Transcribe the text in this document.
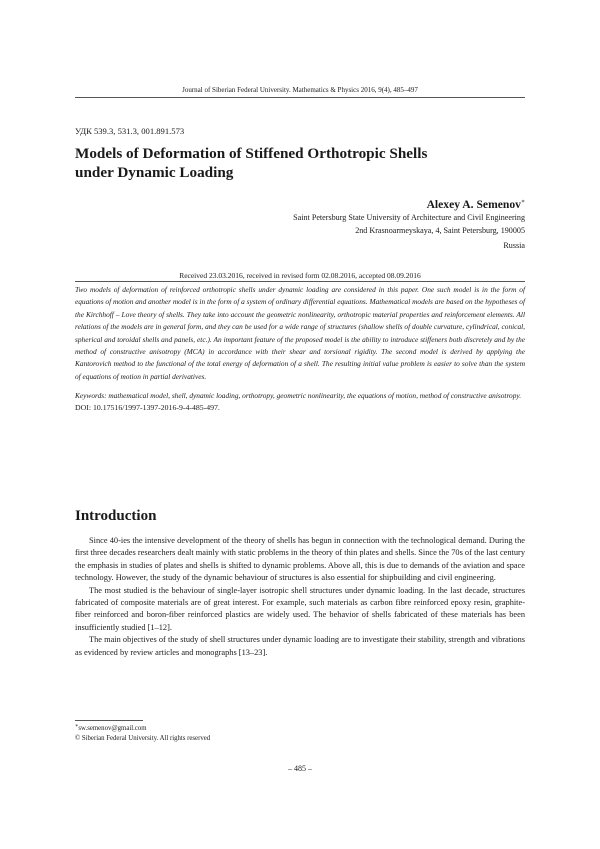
Journal of Siberian Federal University. Mathematics & Physics 2016, 9(4), 485–497
УДК 539.3, 531.3, 001.891.573
Models of Deformation of Stiffened Orthotropic Shells
under Dynamic Loading
Alexey A. Semenov∗
Saint Petersburg State University of Architecture and Civil Engineering
2nd Krasnoarmeyskaya, 4, Saint Petersburg, 190005
Russia
Received 23.03.2016, received in revised form 02.08.2016, accepted 08.09.2016

Two models of deformation of reinforced orthotropic shells under dynamic loading are considered in this paper. One such model is in the form of equations of motion and another model is in the form of a system of ordinary differential equations. Mathematical models are based on the hypotheses of the Kirchhoff – Love theory of shells. They take into account the geometric nonlinearity, orthotropic material properties and reinforcement elements. All relations of the models are in general form, and they can be used for a wide range of structures (shallow shells of double curvature, cylindrical, conical, spherical and toroidal shells and panels, etc.). An important feature of the proposed model is the ability to introduce stiffeners both discretely and by the method of constructive anisotropy (MCA) in accordance with their shear and torsional rigidity. The second model is derived by applying the Kantorovich method to the functional of the total energy of deformation of a shell. The resulting initial value problem is easier to solve than the system of equations of motion in partial derivatives.

Keywords: mathematical model, shell, dynamic loading, orthotropy, geometric nonlinearity, the equations of motion, method of constructive anisotropy.

DOI: 10.17516/1997-1397-2016-9-4-485-497.

Introduction

Since 40-ies the intensive development of the theory of shells has begun in connection with the technological demand. During the first three decades researchers dealt mainly with static problems in the theory of thin plates and shells. Since the 70s of the last century the emphasis in studies of plates and shells is shifted to dynamic problems. Above all, this is due to demands of the aviation and space technology. However, the study of the dynamic behaviour of structures is also essential for shipbuilding and civil engineering.

The most studied is the behaviour of single-layer isotropic shell structures under dynamic loading. In the last decade, structures fabricated of composite materials are of great interest. For example, such materials as carbon fibre reinforced epoxy resin, graphite-fiber reinforced and boron-fiber reinforced plastics are widely used. The behavior of shells fabricated of these materials has been insufficiently studied [1–12].

The main objectives of the study of shell structures under dynamic loading are to investigate their stability, strength and vibrations as evidenced by review articles and monographs [13–23].

∗sw.semenov@gmail.com
© Siberian Federal University. All rights reserved
– 485 –
